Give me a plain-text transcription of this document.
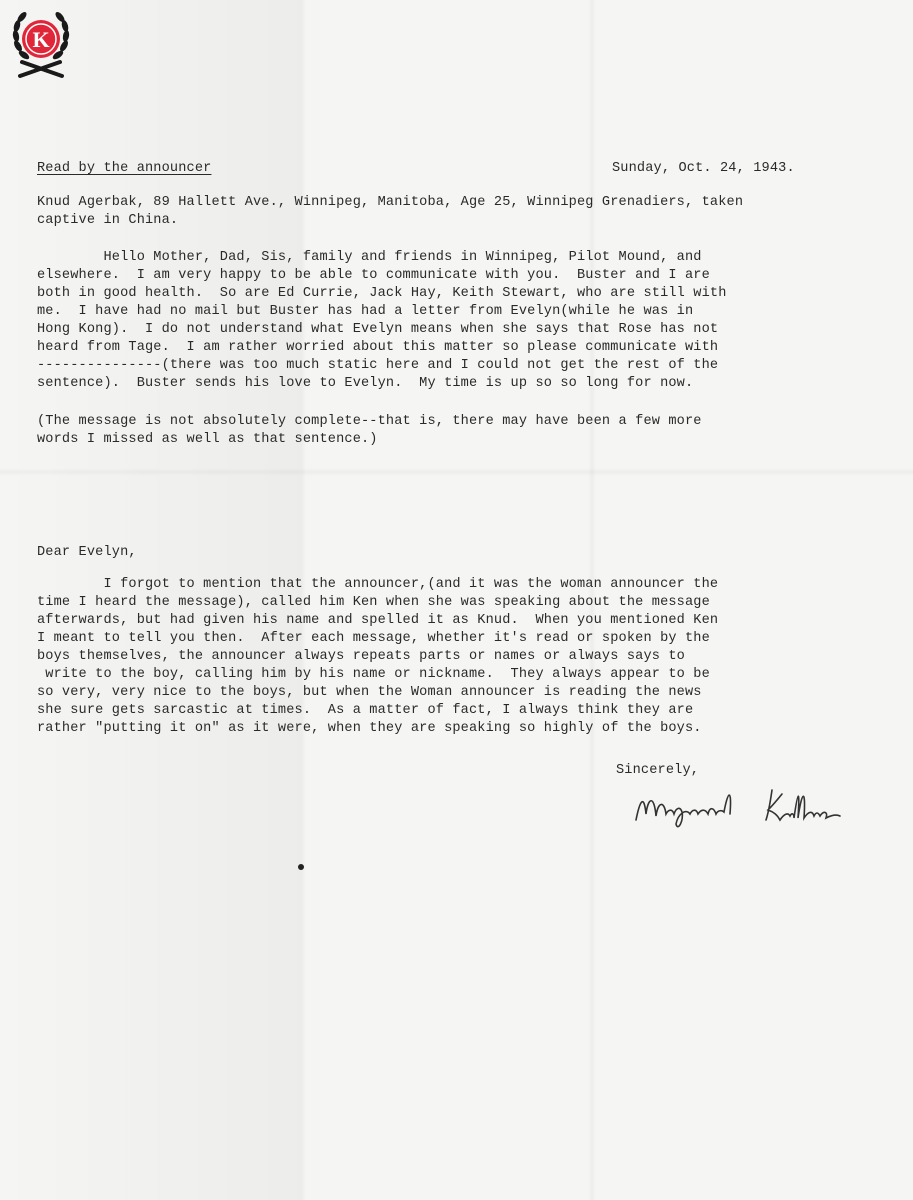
K

Read by the announcer	Sunday, Oct. 24, 1943.

Knud Agerbak, 89 Hallett Ave., Winnipeg, Manitoba, Age 25, Winnipeg Grenadiers, taken

captive in China.

Hello Mother, Dad, Sis, family and friends in Winnipeg, Pilot Mound, and

elsewhere.  I am very happy to be able to communicate with you.  Buster and I are

both in good health.  So are Ed Currie, Jack Hay, Keith Stewart, who are still with

me.  I have had no mail but Buster has had a letter from Evelyn(while he was in

Hong Kong).  I do not understand what Evelyn means when she says that Rose has not

heard from Tage.  I am rather worried about this matter so please communicate with

---------------(there was too much static here and I could not get the rest of the

sentence).  Buster sends his love to Evelyn.  My time is up so so long for now.

(The message is not absolutely complete--that is, there may have been a few more

words I missed as well as that sentence.)

Dear Evelyn,

I forgot to mention that the announcer,(and it was the woman announcer the

time I heard the message), called him Ken when she was speaking about the message

afterwards, but had given his name and spelled it as Knud.  When you mentioned Ken

I meant to tell you then.  After each message, whether it's read or spoken by the

boys themselves, the announcer always repeats parts or names or always says to

write to the boy, calling him by his name or nickname.  They always appear to be

so very, very nice to the boys, but when the Woman announcer is reading the news

she sure gets sarcastic at times.  As a matter of fact, I always think they are

rather "putting it on" as it were, when they are speaking so highly of the boys.

Sincerely,
